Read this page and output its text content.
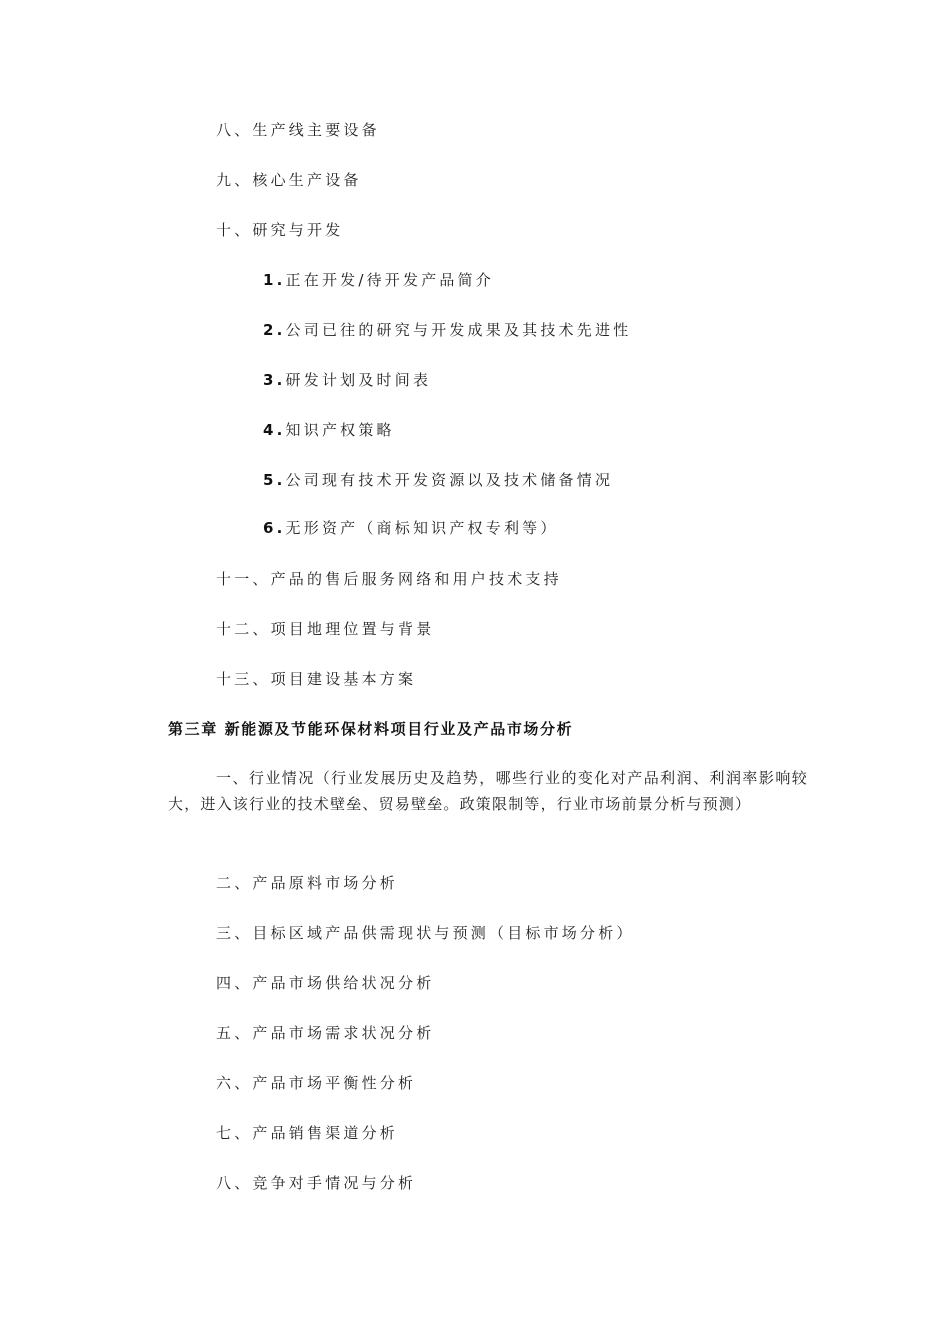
八、生产线主要设备
九、核心生产设备
十、研究与开发
1.正在开发/待开发产品简介
2.公司已往的研究与开发成果及其技术先进性
3.研发计划及时间表
4.知识产权策略
5.公司现有技术开发资源以及技术储备情况
6.无形资产（商标知识产权专利等）
十一、产品的售后服务网络和用户技术支持
十二、项目地理位置与背景
十三、项目建设基本方案
第三章 新能源及节能环保材料项目行业及产品市场分析
一、行业情况（行业发展历史及趋势，哪些行业的变化对产品利润、利润率影响较大，进入该行业的技术壁垒、贸易壁垒。政策限制等，行业市场前景分析与预测）
二、产品原料市场分析
三、目标区域产品供需现状与预测（目标市场分析）
四、产品市场供给状况分析
五、产品市场需求状况分析
六、产品市场平衡性分析
七、产品销售渠道分析
八、竞争对手情况与分析
